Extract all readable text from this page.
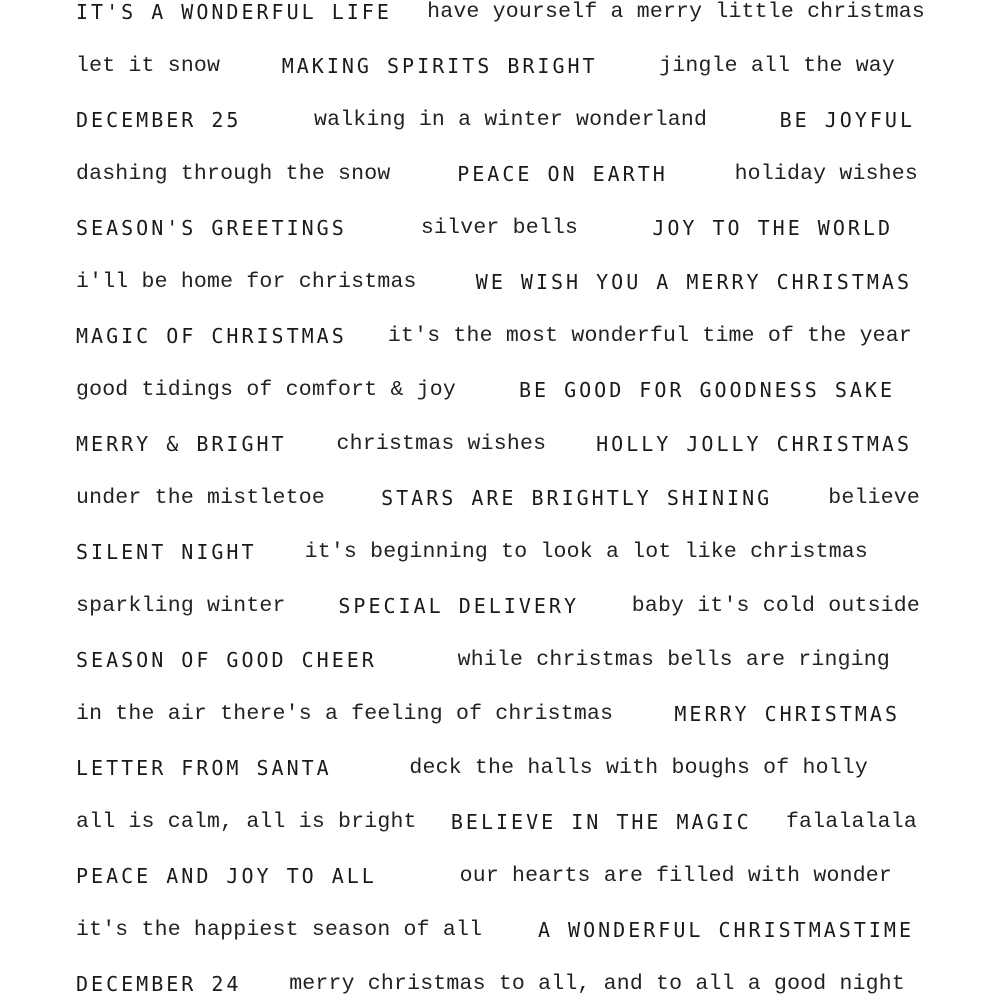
IT'S A WONDERFUL LIFE have yourself a merry little christmas
let it snow	MAKING SPIRITS BRIGHT	jingle all the way
DECEMBER 25	walking in a winter wonderland	BE JOYFUL
dashing through the snow	PEACE ON EARTH	holiday wishes
SEASON'S GREETINGS	silver bells	JOY TO THE WORLD
i'll be home for christmas	WE WISH YOU A MERRY CHRISTMAS
MAGIC OF CHRISTMAS it's the most wonderful time of the year
good tidings of comfort & joy	BE GOOD FOR GOODNESS SAKE
MERRY & BRIGHT christmas wishes HOLLY JOLLY CHRISTMAS
under the mistletoe	STARS ARE BRIGHTLY SHINING	believe
SILENT NIGHT it's beginning to look a lot like christmas
sparkling winter	SPECIAL DELIVERY baby it's cold outside
SEASON OF GOOD CHEER	while christmas bells are ringing
in the air there's a feeling of christmas	MERRY CHRISTMAS
LETTER FROM SANTA	deck the halls with boughs of holly
all is calm, all is bright BELIEVE IN THE MAGIC falalalala
PEACE AND JOY TO ALL	our hearts are filled with wonder
it's the happiest season of all	A WONDERFUL CHRISTMASTIME
DECEMBER 24 merry christmas to all, and to all a good night
